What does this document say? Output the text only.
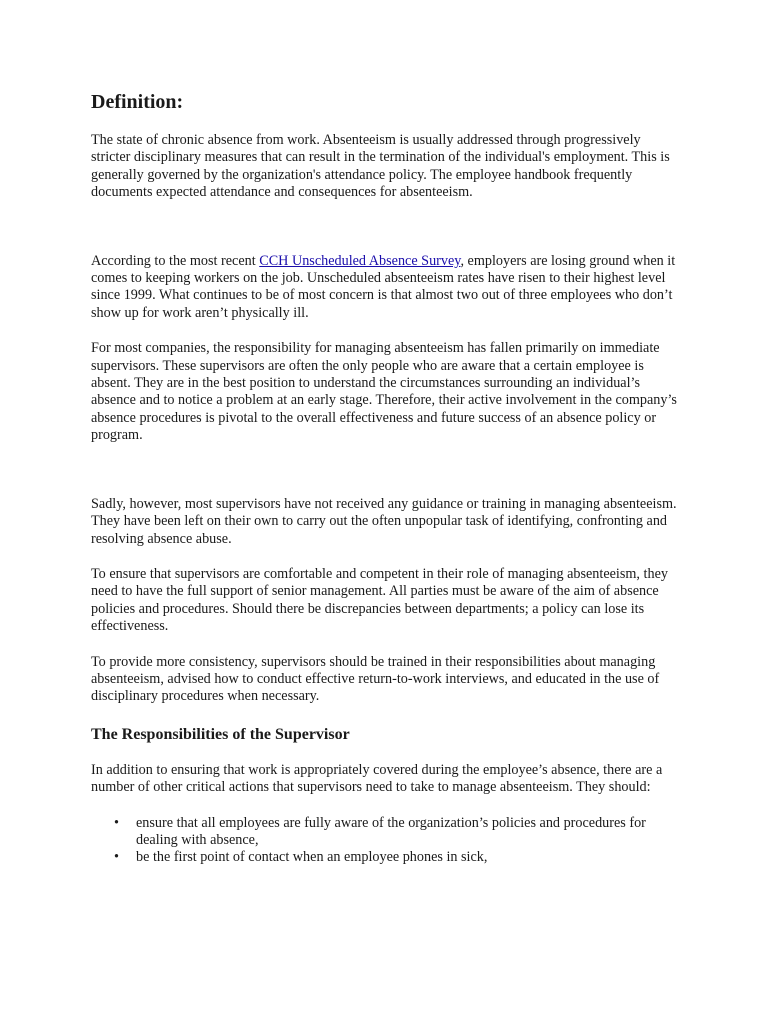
Definition:

The state of chronic absence from work. Absenteeism is usually addressed through progressively stricter disciplinary measures that can result in the termination of the individual's employment. This is generally governed by the organization's attendance policy. The employee handbook frequently documents expected attendance and consequences for absenteeism.

According to the most recent CCH Unscheduled Absence Survey, employers are losing ground when it comes to keeping workers on the job. Unscheduled absenteeism rates have risen to their highest level since 1999. What continues to be of most concern is that almost two out of three employees who don’t show up for work aren’t physically ill.

For most companies, the responsibility for managing absenteeism has fallen primarily on immediate supervisors. These supervisors are often the only people who are aware that a certain employee is absent. They are in the best position to understand the circumstances surrounding an individual’s absence and to notice a problem at an early stage. Therefore, their active involvement in the company’s absence procedures is pivotal to the overall effectiveness and future success of an absence policy or program.

Sadly, however, most supervisors have not received any guidance or training in managing absenteeism. They have been left on their own to carry out the often unpopular task of identifying, confronting and resolving absence abuse.

To ensure that supervisors are comfortable and competent in their role of managing absenteeism, they need to have the full support of senior management. All parties must be aware of the aim of absence policies and procedures. Should there be discrepancies between departments; a policy can lose its effectiveness.

To provide more consistency, supervisors should be trained in their responsibilities about managing absenteeism, advised how to conduct effective return-to-work interviews, and educated in the use of disciplinary procedures when necessary.

The Responsibilities of the Supervisor

In addition to ensuring that work is appropriately covered during the employee’s absence, there are a number of other critical actions that supervisors need to take to manage absenteeism. They should:

• ensure that all employees are fully aware of the organization’s policies and procedures for dealing with absence,
• be the first point of contact when an employee phones in sick,
